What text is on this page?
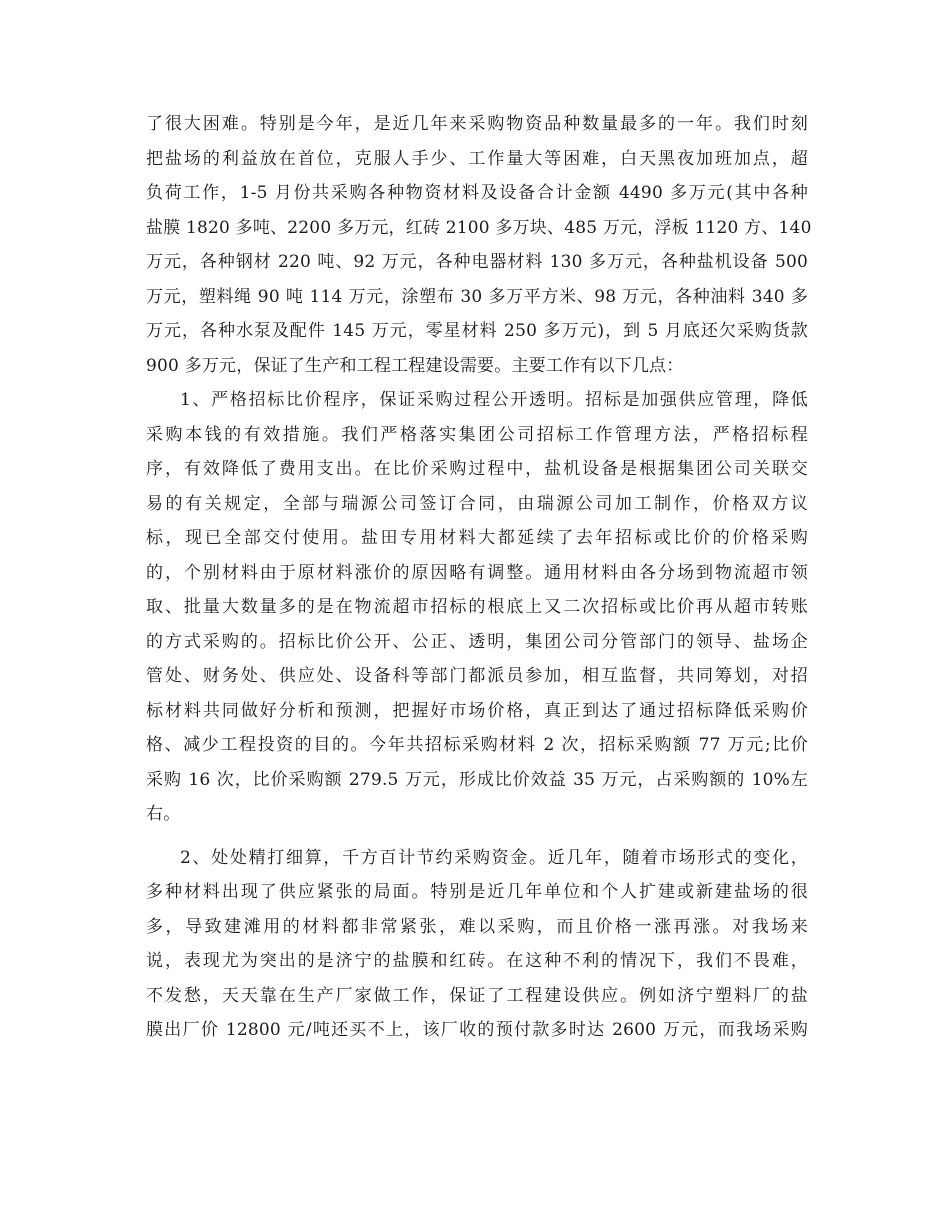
了很大困难。特别是今年，是近几年来采购物资品种数量最多的一年。我们时刻
把盐场的利益放在首位，克服人手少、工作量大等困难，白天黑夜加班加点，超
负荷工作，1-5 月份共采购各种物资材料及设备合计金额 4490 多万元(其中各种
盐膜 1820 多吨、2200 多万元，红砖 2100 多万块、485 万元，浮板 1120 方、140
万元，各种钢材 220 吨、92 万元，各种电器材料 130 多万元，各种盐机设备 500
万元，塑料绳 90 吨 114 万元，涂塑布 30 多万平方米、98 万元，各种油料 340 多
万元，各种水泵及配件 145 万元，零星材料 250 多万元)，到 5 月底还欠采购货款
900 多万元，保证了生产和工程工程建设需要。主要工作有以下几点：
1、严格招标比价程序，保证采购过程公开透明。招标是加强供应管理，降低
采购本钱的有效措施。我们严格落实集团公司招标工作管理方法，严格招标程
序，有效降低了费用支出。在比价采购过程中，盐机设备是根据集团公司关联交
易的有关规定，全部与瑞源公司签订合同，由瑞源公司加工制作，价格双方议
标，现已全部交付使用。盐田专用材料大都延续了去年招标或比价的价格采购
的，个别材料由于原材料涨价的原因略有调整。通用材料由各分场到物流超市领
取、批量大数量多的是在物流超市招标的根底上又二次招标或比价再从超市转账
的方式采购的。招标比价公开、公正、透明，集团公司分管部门的领导、盐场企
管处、财务处、供应处、设备科等部门都派员参加，相互监督，共同筹划，对招
标材料共同做好分析和预测，把握好市场价格，真正到达了通过招标降低采购价
格、减少工程投资的目的。今年共招标采购材料 2 次，招标采购额 77 万元;比价
采购 16 次，比价采购额 279.5 万元，形成比价效益 35 万元，占采购额的 10%左
右。
2、处处精打细算，千方百计节约采购资金。近几年，随着市场形式的变化，
多种材料出现了供应紧张的局面。特别是近几年单位和个人扩建或新建盐场的很
多，导致建滩用的材料都非常紧张，难以采购，而且价格一涨再涨。对我场来
说，表现尤为突出的是济宁的盐膜和红砖。在这种不利的情况下，我们不畏难，
不发愁，天天靠在生产厂家做工作，保证了工程建设供应。例如济宁塑料厂的盐
膜出厂价 12800 元/吨还买不上，该厂收的预付款多时达 2600 万元，而我场采购
